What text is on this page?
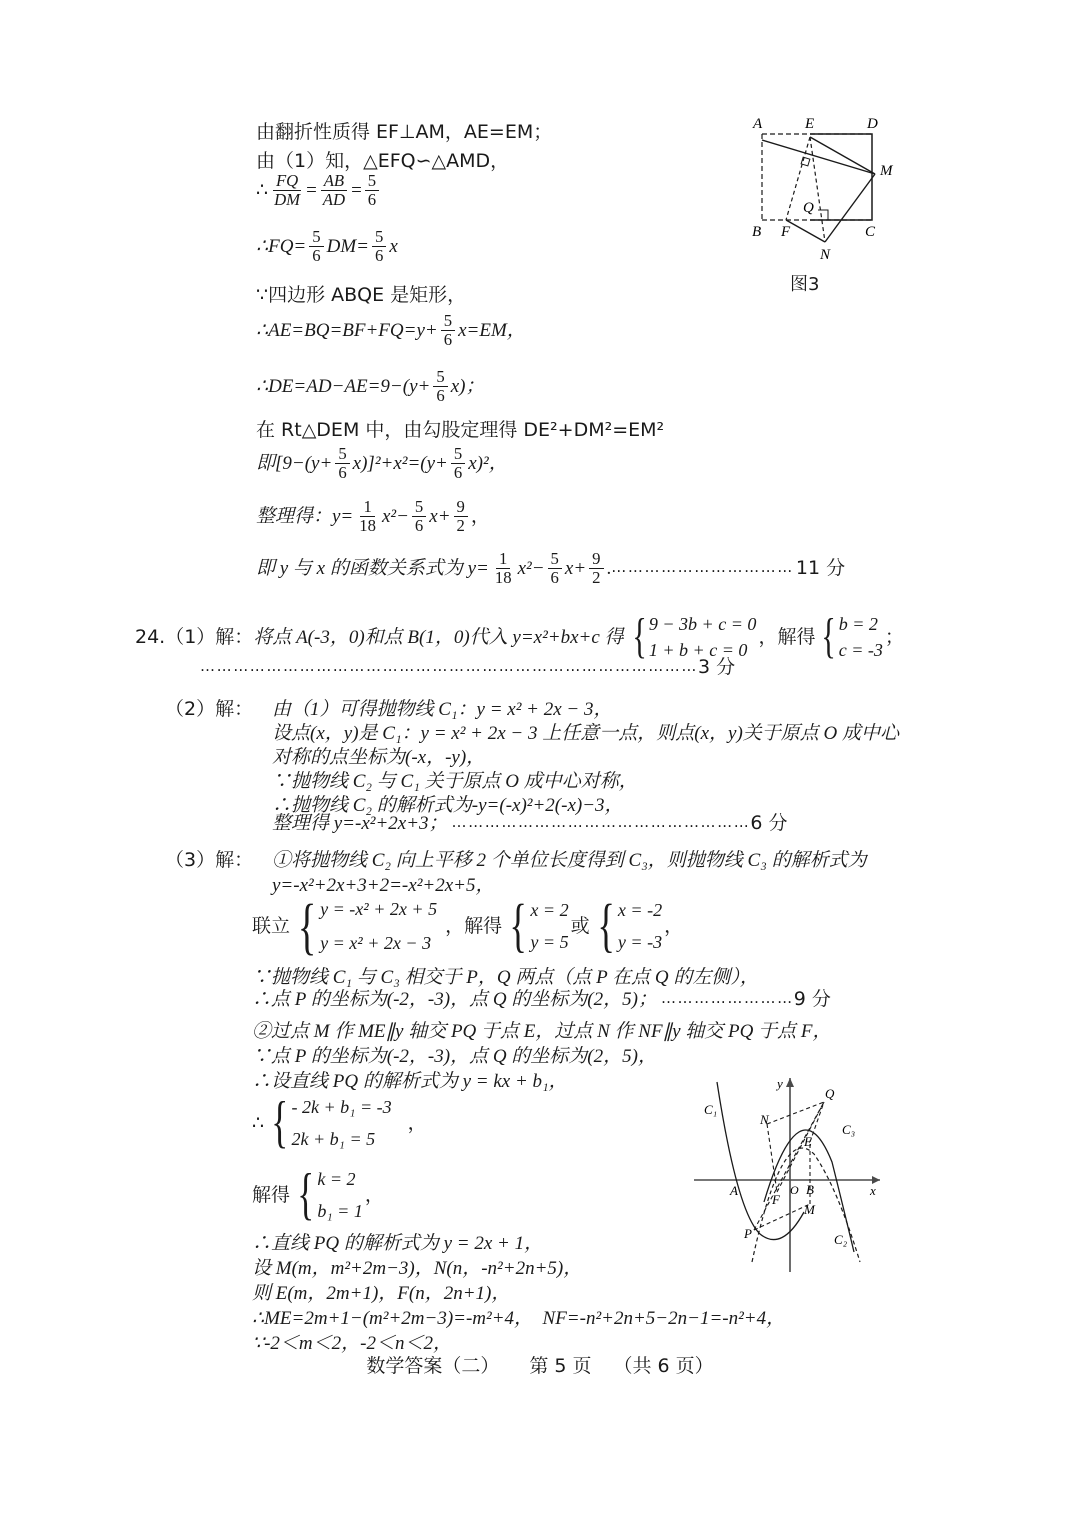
A	E	D
M
B F	C
N
Q
图3
由翻折性质得 EF⊥AM，AE=EM；
由（1）知，△EFQ∽△AMD，
∴ $\frac{FQ}{DM} = \frac{AB}{AD} = \frac{5}{6}$
∴FQ= $\frac{5}{6} DM= \frac{5}{6}$ x
∵四边形 ABQE 是矩形，
∴AE=BQ=BF+FQ=y+ $\frac{5}{6} x=EM$，
∴DE=AD−AE=9−(y+ $\frac{5}{6} x$)；
在 Rt△DEM 中，由勾股定理得 DE²+DM²=EM²
即$[9-(y+ \frac{5}{6} x)]^2+x^2=(y+ \frac{5}{6} x)^2$，
整理得：$y= \frac{1}{18} x^2- \frac{5}{6} x+ \frac{9}{2}$ ，
即 y 与 x 的函数关系式为 $y= \frac{1}{18} x^2- \frac{5}{6} x+ \frac{9}{2}$ . …………………………… 11 分
24. （1）解： 将点 A(-3，0)和点 B(1，0)代入 y=x²+bx+c 得 { 9 − 3b + c = 0
1 + b + c = 0
，解得 { b = 2
c = -3
；
……………………………………………………………………………… 3 分
（2）解： 由（1）可得抛物线 C₁：y = x² + 2x − 3，
设点(x，y)是 C₁：y = x² + 2x − 3 上任意一点，则点(x，y)关于原点 O 成中心
对称的点坐标为(-x，-y)，
∵抛物线 C₂ 与 C₁ 关于原点 O 成中心对称，
∴抛物线 C₂ 的解析式为-y=(-x)²+2(-x)−3，
整理得 y=-x²+2x+3； ……………………………………………… 6 分
（3）解： ①将抛物线 C₂ 向上平移 2 个单位长度得到 C₃，则抛物线 C₃ 的解析式为
y=-x²+2x+3+2=-x²+2x+5，
联立 { y = -x² + 2x + 5
y = x² + 2x − 3
，解得 { x = 2
y = 5
或 { x = -2
y = -3
，
∵抛物线 C₁ 与 C₃ 相交于 P，Q 两点（点 P 在点 Q 的左侧），
∴点 P 的坐标为(-2，-3)，点 Q 的坐标为(2，5)； …………………… 9 分
②过点 M 作 ME∥y 轴交 PQ 于点 E，过点 N 作 NF∥y 轴交 PQ 于点 F，
∵点 P 的坐标为(-2，-3)，点 Q 的坐标为(2，5)，
∴设直线 PQ 的解析式为 y = kx + b₁，
∴ { - 2k + b₁ = -3
2k + b₁ = 5
，
解得 { k = 2
b₁ = 1
，
∴直线 PQ 的解析式为 y = 2x + 1，
设 M(m，m²+2m−3)，N(n，-n²+2n+5)，
则 E(m，2m+1)，F(n，2n+1)，
∴ME=2m+1−(m²+2m−3)=-m²+4，　NF=-n²+2n+5−2n−1=-n²+4，
∵-2＜m＜2，-2＜n＜2，
C₁
C₃
C₂
x
y
O
A	B
Q
P
N
E
F
M
数学答案（二） 第 5 页 （共 6 页）
